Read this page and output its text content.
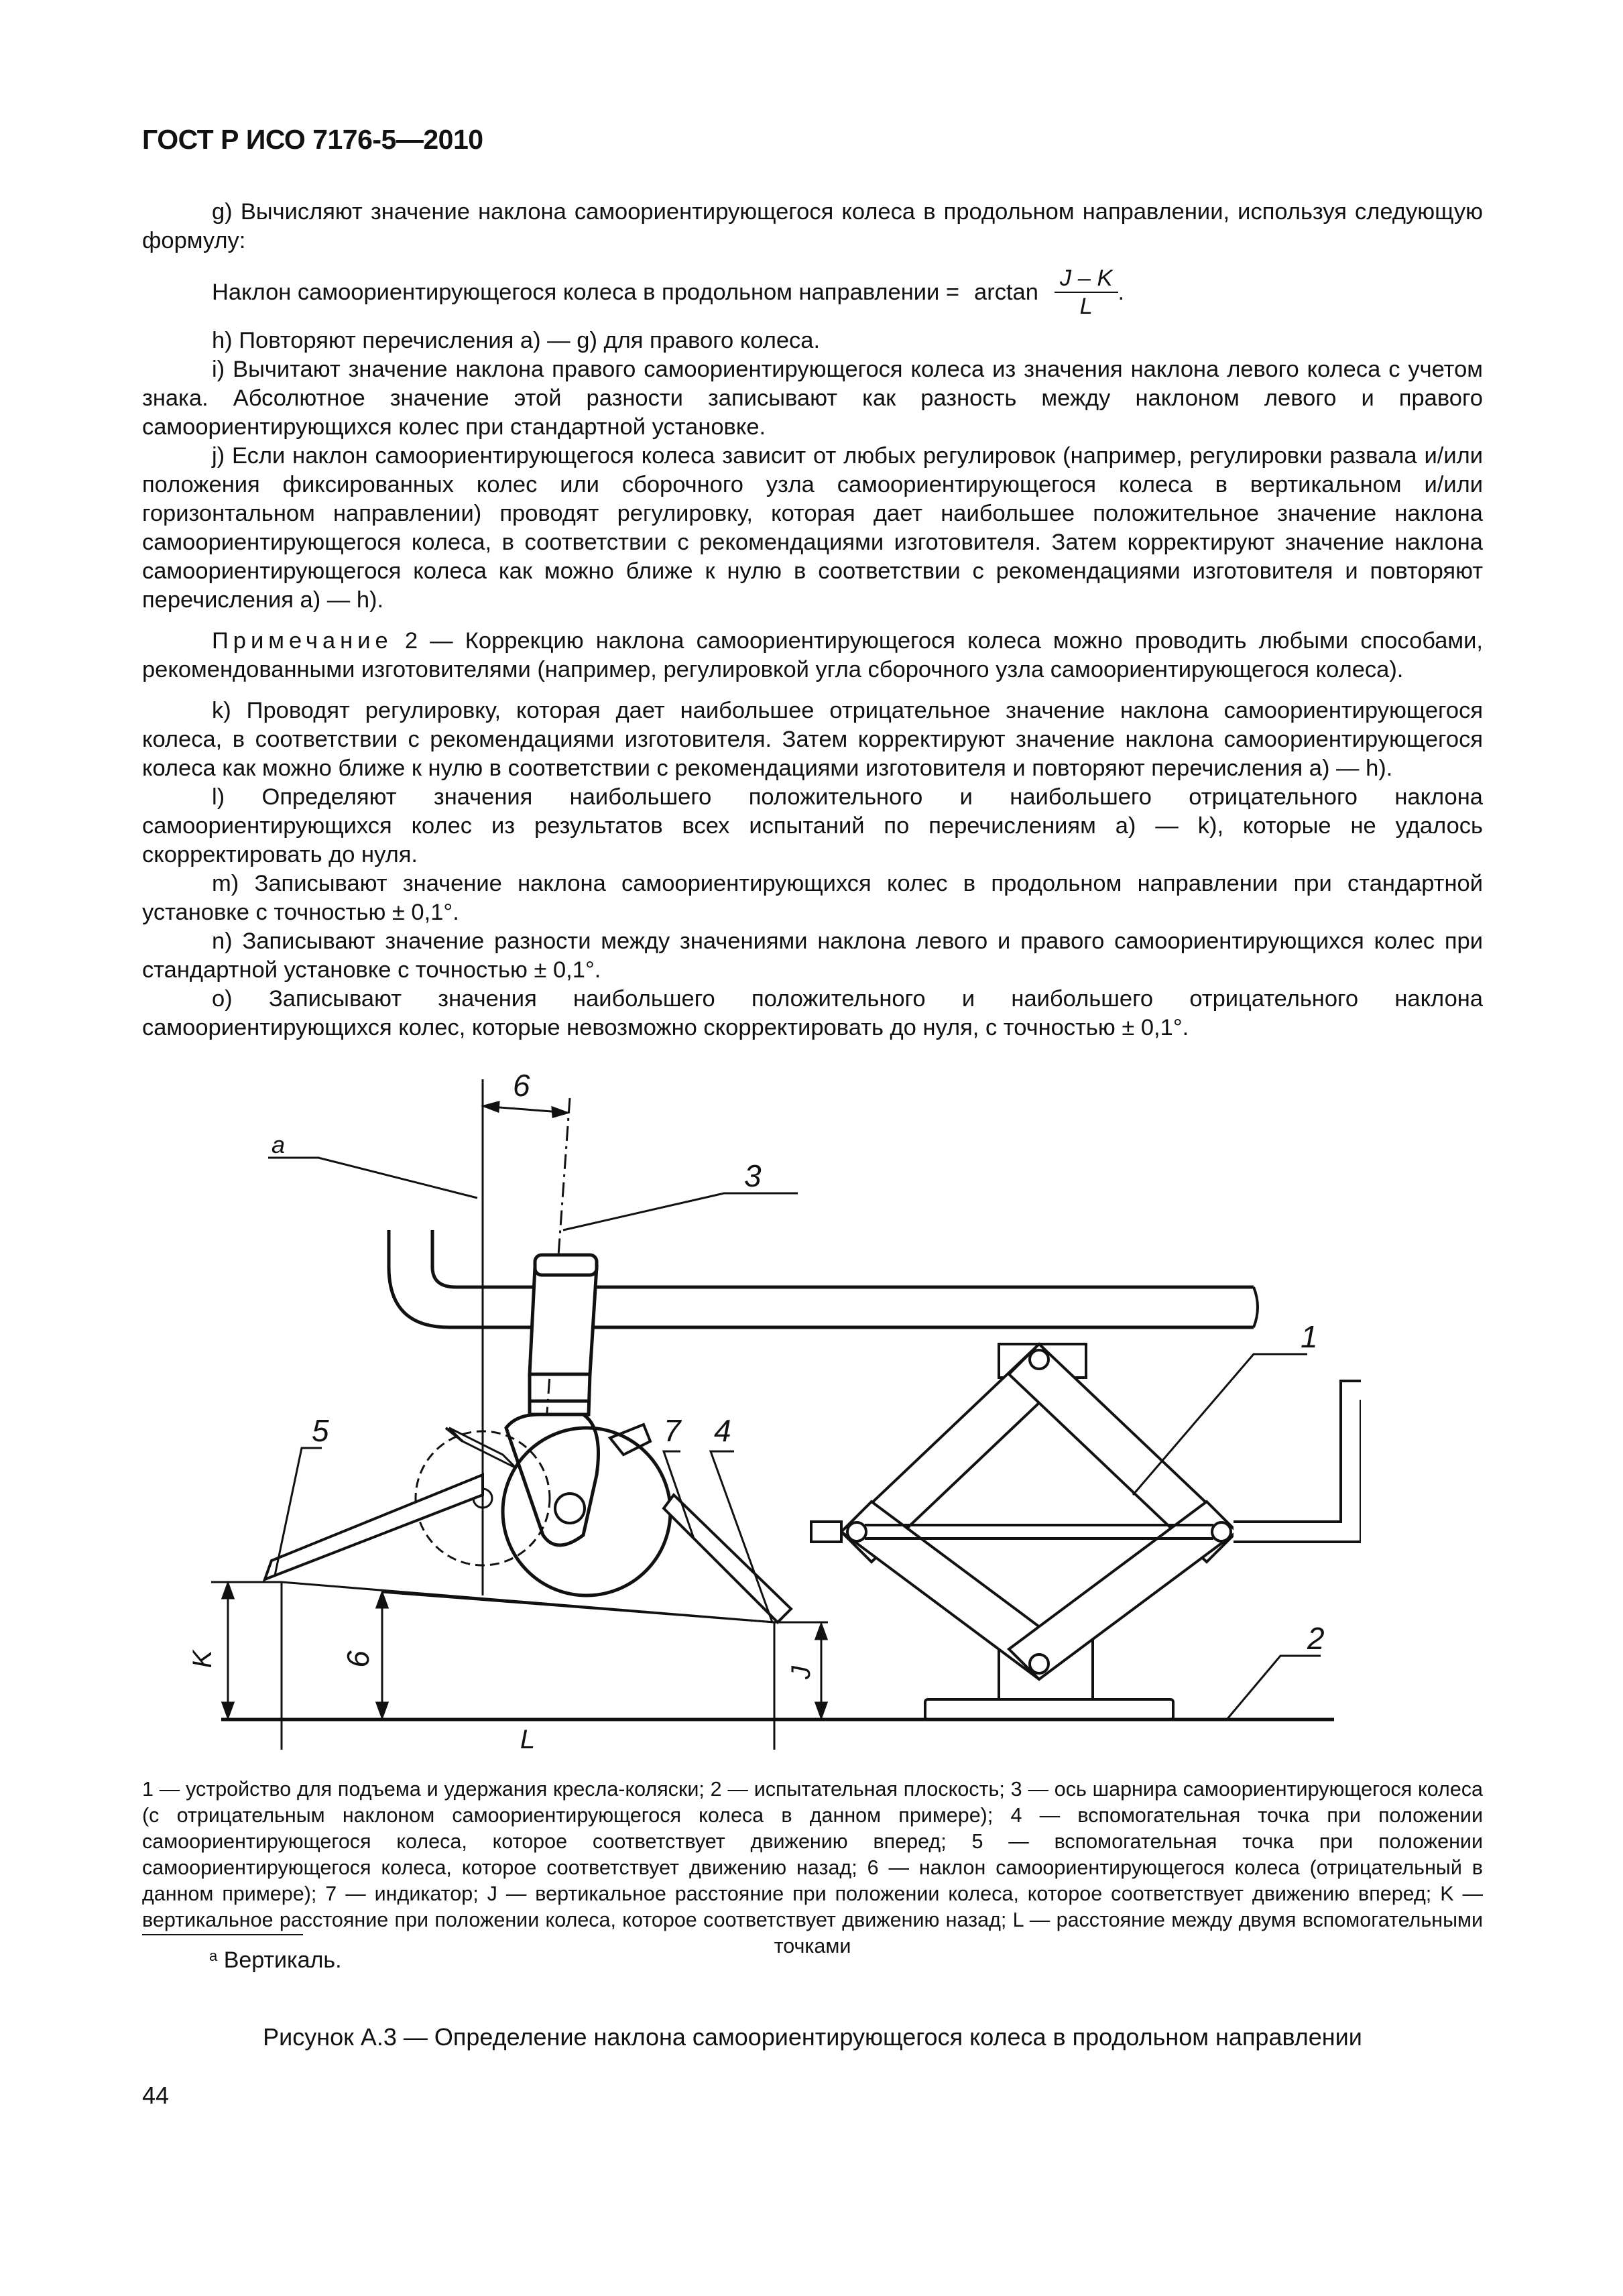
ГОСТ Р ИСО 7176-5—2010

g) Вычисляют значение наклона самоориентирующегося колеса в продольном направлении, используя следующую формулу:

Наклон самоориентирующегося колеса в продольном направлении = $\arctan \frac{J - K}{L}$ .

h) Повторяют перечисления а) — g) для правого колеса.

i) Вычитают значение наклона правого самоориентирующегося колеса из значения наклона левого колеса с учетом знака. Абсолютное значение этой разности записывают как разность между наклоном левого и правого самоориентирующихся колес при стандартной установке.

j) Если наклон самоориентирующегося колеса зависит от любых регулировок (например, регулировки развала и/или положения фиксированных колес или сборочного узла самоориентирующегося колеса в вертикальном и/или горизонтальном направлении) проводят регулировку, которая дает наибольшее положительное значение наклона самоориентирующегося колеса, в соответствии с рекомендациями изготовителя. Затем корректируют значение наклона самоориентирующегося колеса как можно ближе к нулю в соответствии с рекомендациями изготовителя и повторяют перечисления а) — h).

Примечание 2 — Коррекцию наклона самоориентирующегося колеса можно проводить любыми способами, рекомендованными изготовителями (например, регулировкой угла сборочного узла самоориентирующегося колеса).

k) Проводят регулировку, которая дает наибольшее отрицательное значение наклона самоориентирующегося колеса, в соответствии с рекомендациями изготовителя. Затем корректируют значение наклона самоориентирующегося колеса как можно ближе к нулю в соответствии с рекомендациями изготовителя и повторяют перечисления а) — h).

l) Определяют значения наибольшего положительного и наибольшего отрицательного наклона самоориентирующихся колес из результатов всех испытаний по перечислениям а) — k), которые не удалось скорректировать до нуля.

m) Записывают значение наклона самоориентирующихся колес в продольном направлении при стандартной установке с точностью ± 0,1°.

n) Записывают значение разности между значениями наклона левого и правого самоориентирующихся колес при стандартной установке с точностью ± 0,1°.

o) Записывают значения наибольшего положительного и наибольшего отрицательного наклона самоориентирующихся колес, которые невозможно скорректировать до нуля, с точностью ± 0,1°.

6
a
3
1
2
5	7 4
K	6
J
L
1 — устройство для подъема и удержания кресла-коляски; 2 — испытательная плоскость; 3 — ось шарнира самоориентирующегося колеса (с отрицательным наклоном самоориентирующегося колеса в данном примере); 4 — вспомогательная точка при положении самоориентирующегося колеса, которое соответствует движению вперед; 5 — вспомогательная точка при положении самоориентирующегося колеса, которое соответствует движению назад; 6 — наклон самоориентирующегося колеса (отрицательный в данном примере); 7 — индикатор; J — вертикальное расстояние при положении колеса, которое соответствует движению вперед; K — вертикальное расстояние при положении колеса, которое соответствует движению назад; L — расстояние между двумя вспомогательными точками
$^a$ Вертикаль.
Рисунок А.3 — Определение наклона самоориентирующегося колеса в продольном направлении
44
